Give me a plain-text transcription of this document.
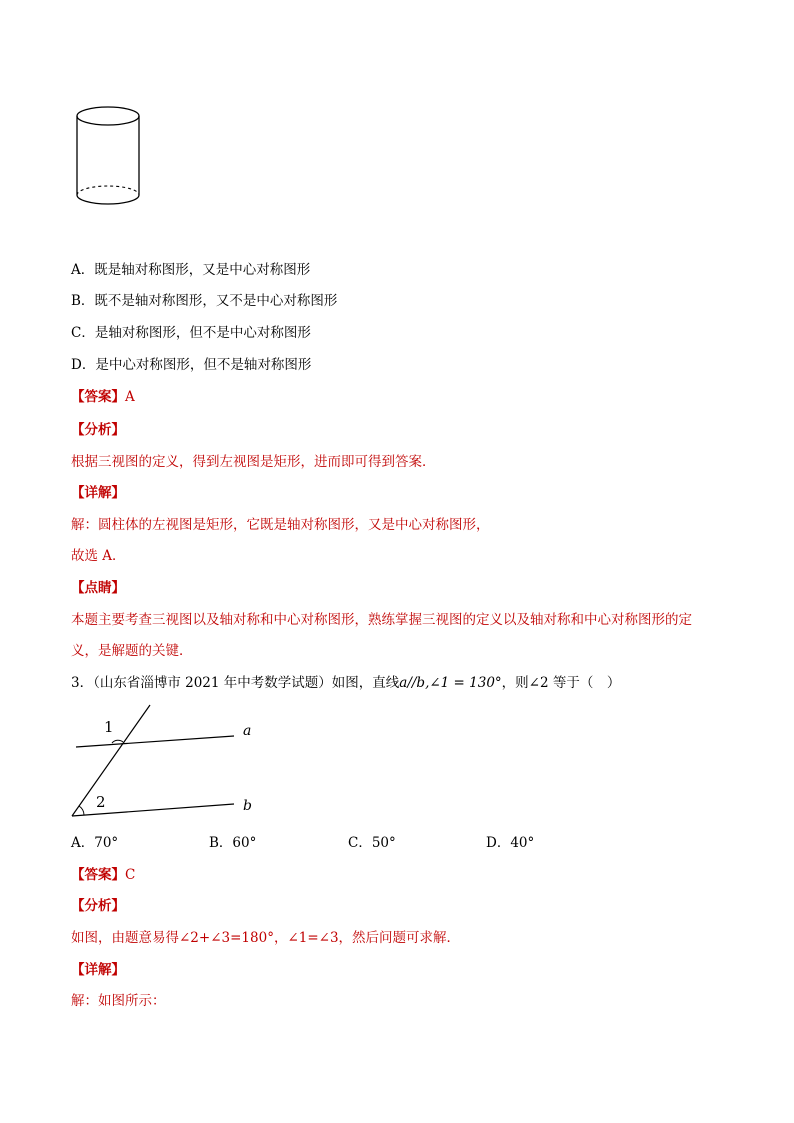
A．既是轴对称图形，又是中心对称图形
B．既不是轴对称图形，又不是中心对称图形
C．是轴对称图形，但不是中心对称图形
D．是中心对称图形，但不是轴对称图形
【答案】A
【分析】
根据三视图的定义，得到左视图是矩形，进而即可得到答案．
【详解】
解：圆柱体的左视图是矩形，它既是轴对称图形，又是中心对称图形，
故选 A．
【点睛】
本题主要考查三视图以及轴对称和中心对称图形，熟练掌握三视图的定义以及轴对称和中心对称图形的定
义，是解题的关键．
3．（山东省淄博市 2021 年中考数学试题）如图，直线a//b,∠1 = 130°，则∠2 等于（　）
1
2
a
b
A．70°	B．60°	C．50°	D．40°
【答案】C
【分析】
如图，由题意易得∠2+∠3=180°，∠1=∠3，然后问题可求解．
【详解】
解：如图所示：
